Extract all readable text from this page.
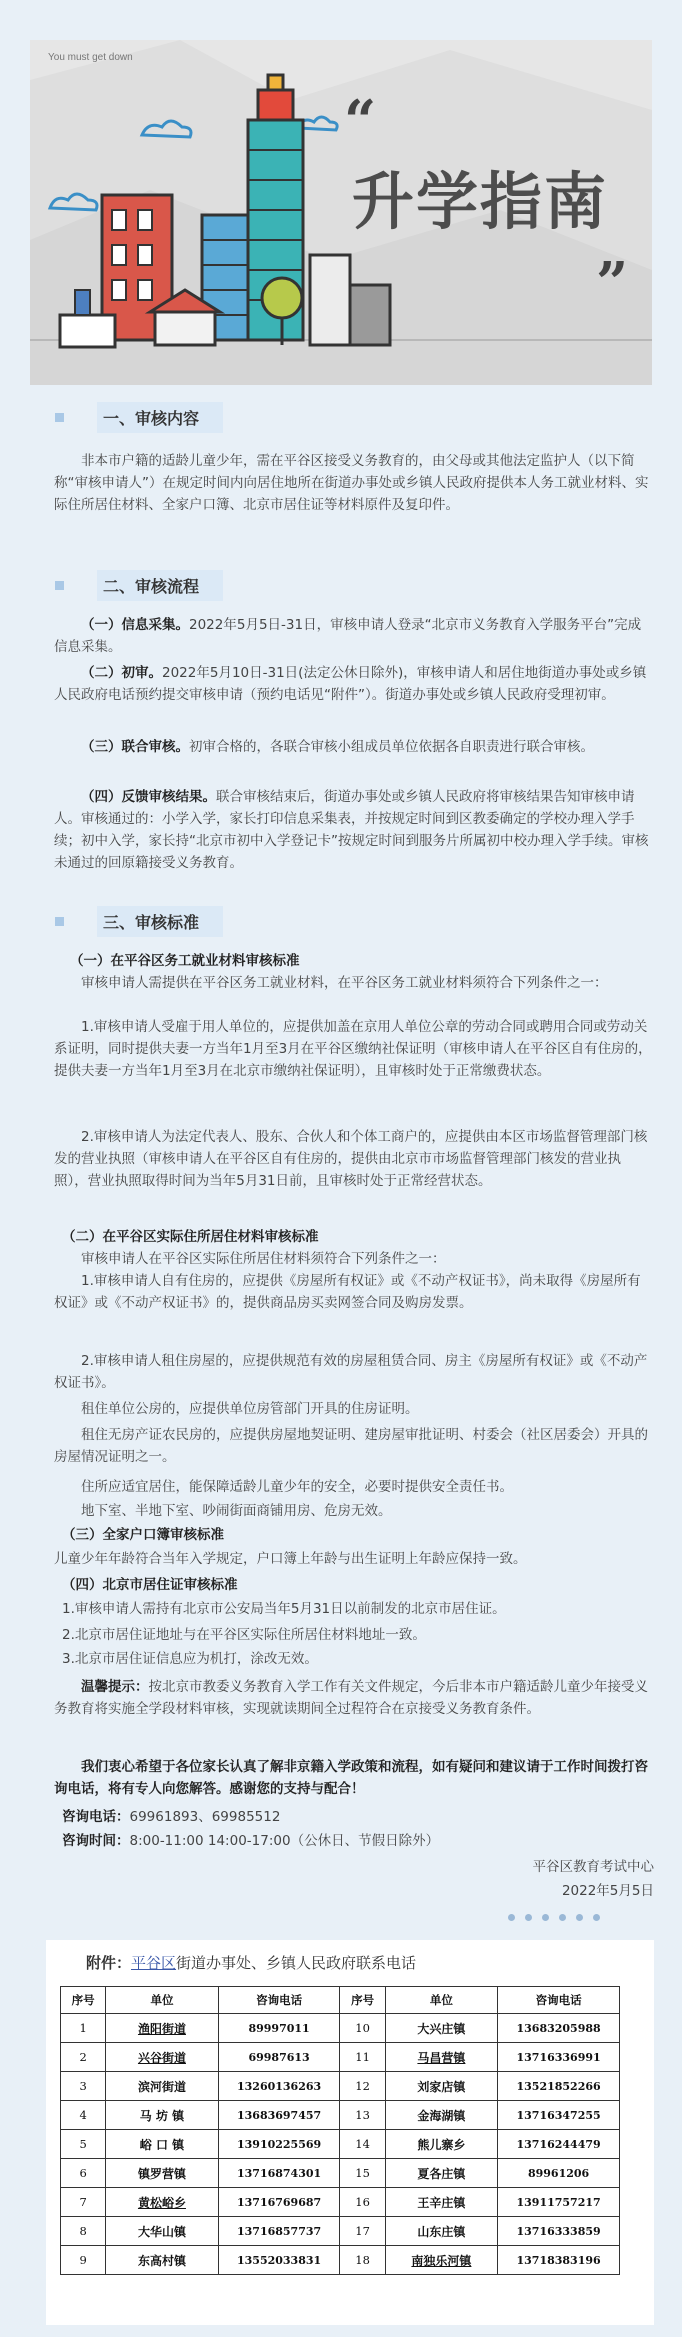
You must get down
“
升学指南
”
一、审核内容

非本市户籍的适龄儿童少年，需在平谷区接受义务教育的，由父母或其他法定监护人（以下简称“审核申请人”）在规定时间内向居住地所在街道办事处或乡镇人民政府提供本人务工就业材料、实际住所居住材料、全家户口簿、北京市居住证等材料原件及复印件。

二、审核流程

（一）信息采集。2022年5月5日-31日，审核申请人登录“北京市义务教育入学服务平台”完成信息采集。

（二）初审。2022年5月10日-31日(法定公休日除外)，审核申请人和居住地街道办事处或乡镇人民政府电话预约提交审核申请（预约电话见“附件”）。街道办事处或乡镇人民政府受理初审。

（三）联合审核。初审合格的，各联合审核小组成员单位依据各自职责进行联合审核。

（四）反馈审核结果。联合审核结束后，街道办事处或乡镇人民政府将审核结果告知审核申请人。审核通过的：小学入学，家长打印信息采集表，并按规定时间到区教委确定的学校办理入学手续；初中入学，家长持“北京市初中入学登记卡”按规定时间到服务片所属初中校办理入学手续。审核未通过的回原籍接受义务教育。

三、审核标准

（一）在平谷区务工就业材料审核标准

审核申请人需提供在平谷区务工就业材料，在平谷区务工就业材料须符合下列条件之一：

1.审核申请人受雇于用人单位的，应提供加盖在京用人单位公章的劳动合同或聘用合同或劳动关系证明，同时提供夫妻一方当年1月至3月在平谷区缴纳社保证明（审核申请人在平谷区自有住房的，提供夫妻一方当年1月至3月在北京市缴纳社保证明），且审核时处于正常缴费状态。

2.审核申请人为法定代表人、股东、合伙人和个体工商户的，应提供由本区市场监督管理部门核发的营业执照（审核申请人在平谷区自有住房的，提供由北京市市场监督管理部门核发的营业执照），营业执照取得时间为当年5月31日前，且审核时处于正常经营状态。

（二）在平谷区实际住所居住材料审核标准

审核申请人在平谷区实际住所居住材料须符合下列条件之一：

1.审核申请人自有住房的，应提供《房屋所有权证》或《不动产权证书》，尚未取得《房屋所有权证》或《不动产权证书》的，提供商品房买卖网签合同及购房发票。

2.审核申请人租住房屋的，应提供规范有效的房屋租赁合同、房主《房屋所有权证》或《不动产权证书》。

租住单位公房的，应提供单位房管部门开具的住房证明。

租住无房产证农民房的，应提供房屋地契证明、建房屋审批证明、村委会（社区居委会）开具的房屋情况证明之一。

住所应适宜居住，能保障适龄儿童少年的安全，必要时提供安全责任书。

地下室、半地下室、吵闹街面商铺用房、危房无效。

（三）全家户口簿审核标准

儿童少年年龄符合当年入学规定，户口簿上年龄与出生证明上年龄应保持一致。

（四）北京市居住证审核标准

1.审核申请人需持有北京市公安局当年5月31日以前制发的北京市居住证。

2.北京市居住证地址与在平谷区实际住所居住材料地址一致。

3.北京市居住证信息应为机打，涂改无效。

温馨提示：按北京市教委义务教育入学工作有关文件规定，今后非本市户籍适龄儿童少年接受义务教育将实施全学段材料审核，实现就读期间全过程符合在京接受义务教育条件。

我们衷心希望于各位家长认真了解非京籍入学政策和流程，如有疑问和建议请于工作时间拨打咨询电话，将有专人向您解答。感谢您的支持与配合！

咨询电话：69961893、69985512

咨询时间：8:00-11:00 14:00-17:00（公休日、节假日除外）

平谷区教育考试中心

2022年5月5日

附件：平谷区街道办事处、乡镇人民政府联系电话
序号	单位	咨询电话	序号	单位	咨询电话
1	渔阳街道	89997011	10	大兴庄镇	13683205988
2	兴谷街道	69987613	11	马昌营镇	13716336991
3	滨河街道	13260136263	12	刘家店镇	13521852266
4	马 坊 镇	13683697457	13	金海湖镇	13716347255
5	峪 口 镇	13910225569	14	熊儿寨乡	13716244479
6	镇罗营镇	13716874301	15	夏各庄镇	89961206
7	黄松峪乡	13716769687	16	王辛庄镇	13911757217
8	大华山镇	13716857737	17	山东庄镇	13716333859
9	东高村镇	13552033831	18	南独乐河镇	13718383196
